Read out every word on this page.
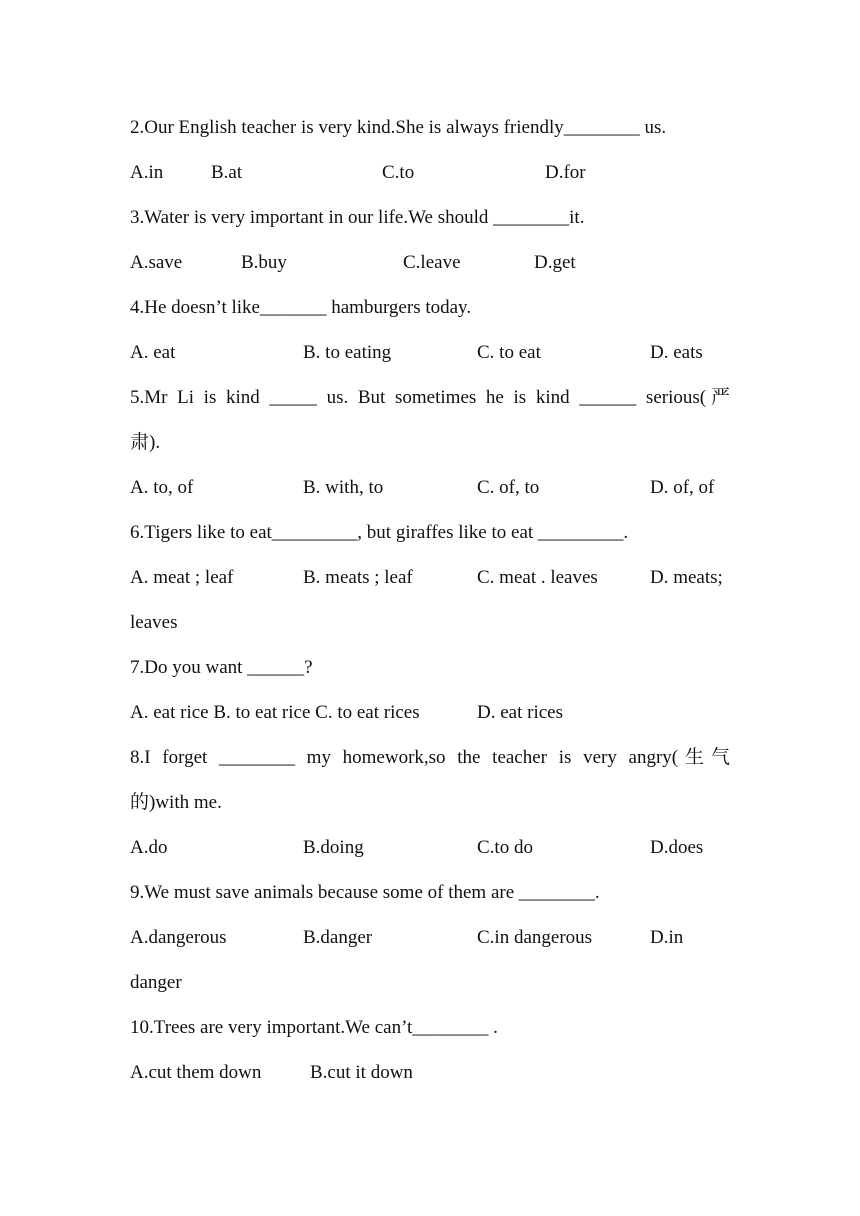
2.Our English teacher is very kind.She is always friendly________ us.
A.in	B.at	C.to	D.for
3.Water is very important in our life.We should ________it.
A.save	B.buy	C.leave	D.get
4.He doesn’t like_______ hamburgers today.
A. eat	B. to eating	C. to eat	D. eats
5.Mr Li is kind _____ us. But sometimes he is kind ______ serious(严
肃).
A. to, of	B. with, to	C. of, to	D. of, of
6.Tigers like to eat_________, but giraffes like to eat _________.
A. meat ; leaf	B. meats ; leaf	C. meat . leaves	D. meats;
leaves
7.Do you want ______?
A. eat rice B. to eat rice C. to eat rices	D. eat rices
8.I forget ________ my homework,so the teacher is very angry(生气
的)with me.
A.do	B.doing	C.to do	D.does
9.We must save animals because some of them are ________.
A.dangerous	B.danger	C.in dangerous	D.in
danger
10.Trees are very important.We can’t________ .
A.cut them down	B.cut it down
